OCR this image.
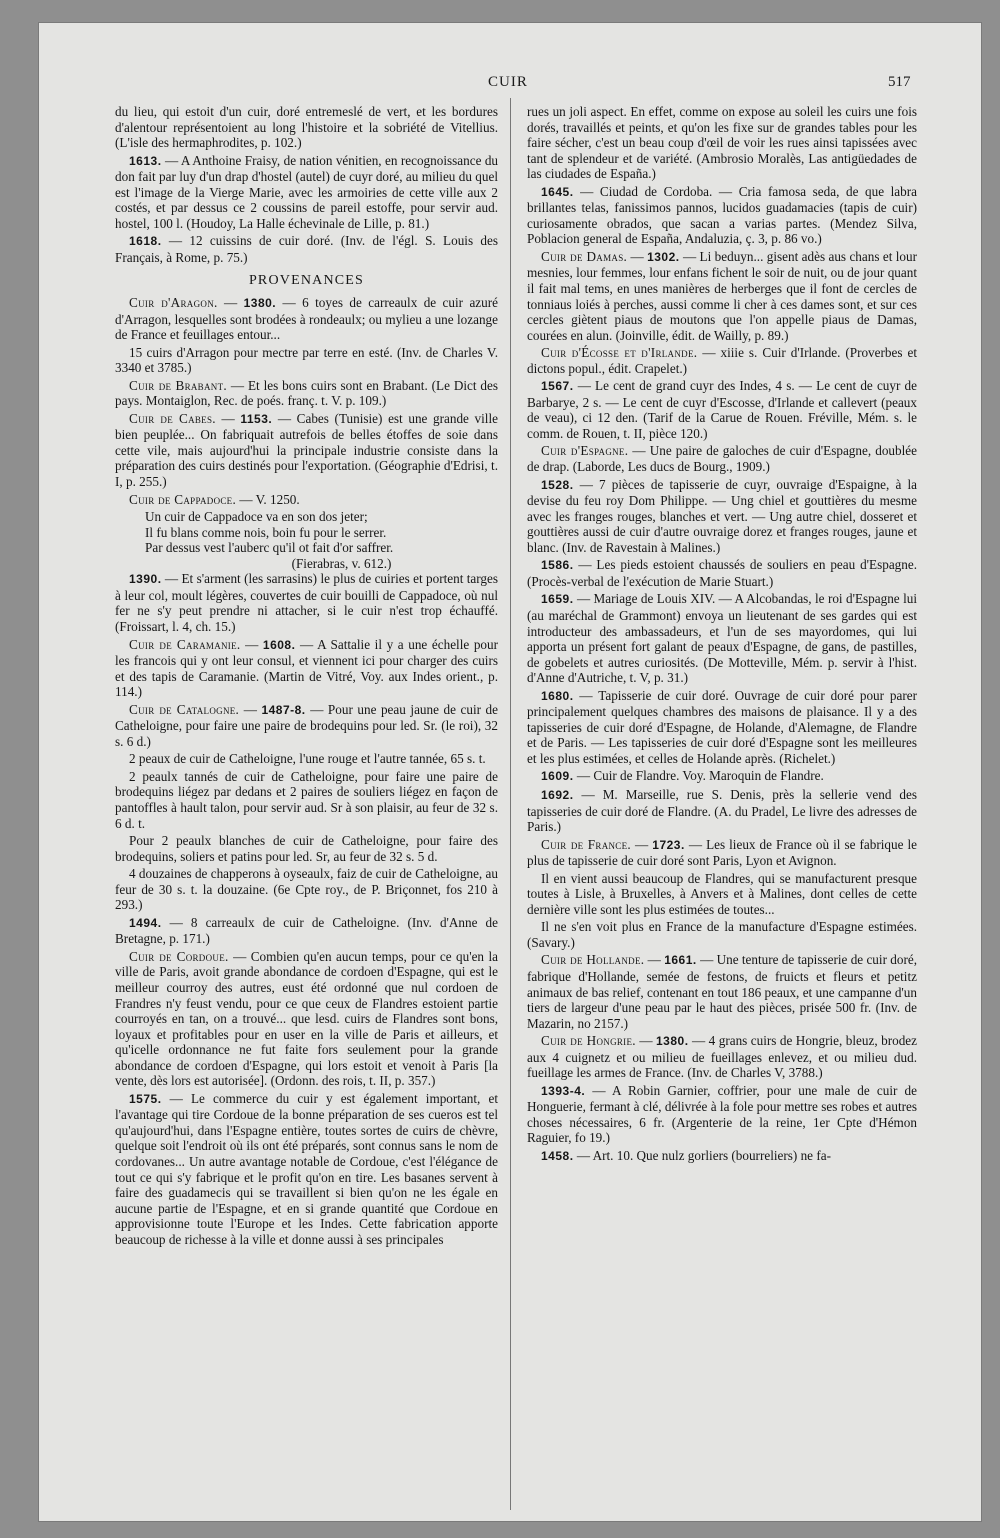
CUIR	517

du lieu, qui estoit d'un cuir, doré entremeslé de vert, et les bordures d'alentour représentoient au long l'histoire et la sobriété de Vitellius. (L'isle des hermaphrodites, p. 102.)

1613. — A Anthoine Fraisy, de nation vénitien, en recognoissance du don fait par luy d'un drap d'hostel (autel) de cuyr doré, au milieu du quel est l'image de la Vierge Marie, avec les armoiries de cette ville aux 2 costés, et par dessus ce 2 coussins de pareil estoffe, pour servir aud. hostel, 100 l. (Houdoy, La Halle échevinale de Lille, p. 81.)

1618. — 12 cuissins de cuir doré. (Inv. de l'égl. S. Louis des Français, à Rome, p. 75.)

PROVENANCES

Cuir d'Aragon. — 1380. — 6 toyes de carreaulx de cuir azuré d'Arragon, lesquelles sont brodées à rondeaulx; ou mylieu a une lozange de France et feuillages entour...

15 cuirs d'Arragon pour mectre par terre en esté. (Inv. de Charles V. 3340 et 3785.)

Cuir de Brabant. — Et les bons cuirs sont en Brabant. (Le Dict des pays. Montaiglon, Rec. de poés. franç. t. V. p. 109.)

Cuir de Cabes. — 1153. — Cabes (Tunisie) est une grande ville bien peuplée... On fabriquait autrefois de belles étoffes de soie dans cette vile, mais aujourd'hui la principale industrie consiste dans la préparation des cuirs destinés pour l'exportation. (Géographie d'Edrisi, t. I, p. 255.)

Cuir de Cappadoce. — V. 1250.

Un cuir de Cappadoce va en son dos jeter;

Il fu blans comme nois, boin fu pour le serrer.

Par dessus vest l'auberc qu'il ot fait d'or saffrer.

(Fierabras, v. 612.)

1390. — Et s'arment (les sarrasins) le plus de cuiries et portent targes à leur col, moult légères, couvertes de cuir bouilli de Cappadoce, où nul fer ne s'y peut prendre ni attacher, si le cuir n'est trop échauffé. (Froissart, l. 4, ch. 15.)

Cuir de Caramanie. — 1608. — A Sattalie il y a une échelle pour les francois qui y ont leur consul, et viennent ici pour charger des cuirs et des tapis de Caramanie. (Martin de Vitré, Voy. aux Indes orient., p. 114.)

Cuir de Catalogne. — 1487-8. — Pour une peau jaune de cuir de Catheloigne, pour faire une paire de brodequins pour led. Sr. (le roi), 32 s. 6 d.)

2 peaux de cuir de Catheloigne, l'une rouge et l'autre tannée, 65 s. t.

2 peaulx tannés de cuir de Catheloigne, pour faire une paire de brodequins liégez par dedans et 2 paires de souliers liégez en façon de pantoffles à hault talon, pour servir aud. Sr à son plaisir, au feur de 32 s. 6 d. t.

Pour 2 peaulx blanches de cuir de Catheloigne, pour faire des brodequins, soliers et patins pour led. Sr, au feur de 32 s. 5 d.

4 douzaines de chapperons à oyseaulx, faiz de cuir de Catheloigne, au feur de 30 s. t. la douzaine. (6e Cpte roy., de P. Briçonnet, fos 210 à 293.)

1494. — 8 carreaulx de cuir de Catheloigne. (Inv. d'Anne de Bretagne, p. 171.)

Cuir de Cordoue. — Combien qu'en aucun temps, pour ce qu'en la ville de Paris, avoit grande abondance de cordoen d'Espagne, qui est le meilleur courroy des autres, eust été ordonné que nul cordoen de Frandres n'y feust vendu, pour ce que ceux de Flandres estoient partie courroyés en tan, on a trouvé... que lesd. cuirs de Flandres sont bons, loyaux et profitables pour en user en la ville de Paris et ailleurs, et qu'icelle ordonnance ne fut faite fors seulement pour la grande abondance de cordoen d'Espagne, qui lors estoit et venoit à Paris [la vente, dès lors est autorisée]. (Ordonn. des rois, t. II, p. 357.)

1575. — Le commerce du cuir y est également important, et l'avantage qui tire Cordoue de la bonne préparation de ses cueros est tel qu'aujourd'hui, dans l'Espagne entière, toutes sortes de cuirs de chèvre, quelque soit l'endroit où ils ont été préparés, sont connus sans le nom de cordovanes... Un autre avantage notable de Cordoue, c'est l'élégance de tout ce qui s'y fabrique et le profit qu'on en tire. Les basanes servent à faire des guadamecis qui se travaillent si bien qu'on ne les égale en aucune partie de l'Espagne, et en si grande quantité que Cordoue en approvisionne toute l'Europe et les Indes. Cette fabrication apporte beaucoup de richesse à la ville et donne aussi à ses principales

rues un joli aspect. En effet, comme on expose au soleil les cuirs une fois dorés, travaillés et peints, et qu'on les fixe sur de grandes tables pour les faire sécher, c'est un beau coup d'œil de voir les rues ainsi tapissées avec tant de splendeur et de variété. (Ambrosio Moralès, Las antigüedades de las ciudades de España.)

1645. — Ciudad de Cordoba. — Cria famosa seda, de que labra brillantes telas, fanissimos pannos, lucidos guadamacies (tapis de cuir) curiosamente obrados, que sacan a varias partes. (Mendez Silva, Poblacion general de España, Andaluzia, ç. 3, p. 86 vo.)

Cuir de Damas. — 1302. — Li beduyn... gisent adès aus chans et lour mesnies, lour femmes, lour enfans fichent le soir de nuit, ou de jour quant il fait mal tems, en unes manières de herberges que il font de cercles de tonniaus loiés à perches, aussi comme li cher à ces dames sont, et sur ces cercles giètent piaus de moutons que l'on appelle piaus de Damas, courées en alun. (Joinville, édit. de Wailly, p. 89.)

Cuir d'Écosse et d'Irlande. — xiiie s. Cuir d'Irlande. (Proverbes et dictons popul., édit. Crapelet.)

1567. — Le cent de grand cuyr des Indes, 4 s. — Le cent de cuyr de Barbarye, 2 s. — Le cent de cuyr d'Escosse, d'Irlande et callevert (peaux de veau), ci 12 den. (Tarif de la Carue de Rouen. Fréville, Mém. s. le comm. de Rouen, t. II, pièce 120.)

Cuir d'Espagne. — Une paire de galoches de cuir d'Espagne, doublée de drap. (Laborde, Les ducs de Bourg., 1909.)

1528. — 7 pièces de tapisserie de cuyr, ouvraige d'Espaigne, à la devise du feu roy Dom Philippe. — Ung chiel et gouttières du mesme avec les franges rouges, blanches et vert. — Ung autre chiel, dosseret et gouttières aussi de cuir d'autre ouvraige dorez et franges rouges, jaune et blanc. (Inv. de Ravestain à Malines.)

1586. — Les pieds estoient chaussés de souliers en peau d'Espagne. (Procès-verbal de l'exécution de Marie Stuart.)

1659. — Mariage de Louis XIV. — A Alcobandas, le roi d'Espagne lui (au maréchal de Grammont) envoya un lieutenant de ses gardes qui est introducteur des ambassadeurs, et l'un de ses mayordomes, qui lui apporta un présent fort galant de peaux d'Espagne, de gans, de pastilles, de gobelets et autres curiosités. (De Motteville, Mém. p. servir à l'hist. d'Anne d'Autriche, t. V, p. 31.)

1680. — Tapisserie de cuir doré. Ouvrage de cuir doré pour parer principalement quelques chambres des maisons de plaisance. Il y a des tapisseries de cuir doré d'Espagne, de Holande, d'Alemagne, de Flandre et de Paris. — Les tapisseries de cuir doré d'Espagne sont les meilleures et les plus estimées, et celles de Holande après. (Richelet.)

1609. — Cuir de Flandre. Voy. Maroquin de Flandre.

1692. — M. Marseille, rue S. Denis, près la sellerie vend des tapisseries de cuir doré de Flandre. (A. du Pradel, Le livre des adresses de Paris.)

Cuir de France. — 1723. — Les lieux de France où il se fabrique le plus de tapisserie de cuir doré sont Paris, Lyon et Avignon.

Il en vient aussi beaucoup de Flandres, qui se manufacturent presque toutes à Lisle, à Bruxelles, à Anvers et à Malines, dont celles de cette dernière ville sont les plus estimées de toutes...

Il ne s'en voit plus en France de la manufacture d'Espagne estimées. (Savary.)

Cuir de Hollande. — 1661. — Une tenture de tapisserie de cuir doré, fabrique d'Hollande, semée de festons, de fruicts et fleurs et petitz animaux de bas relief, contenant en tout 186 peaux, et une campanne d'un tiers de largeur d'une peau par le haut des pièces, prisée 500 fr. (Inv. de Mazarin, no 2157.)

Cuir de Hongrie. — 1380. — 4 grans cuirs de Hongrie, bleuz, brodez aux 4 cuignetz et ou milieu de fueillages enlevez, et ou milieu dud. fueillage les armes de France. (Inv. de Charles V, 3788.)

1393-4. — A Robin Garnier, coffrier, pour une male de cuir de Honguerie, fermant à clé, délivrée à la fole pour mettre ses robes et autres choses nécessaires, 6 fr. (Argenterie de la reine, 1er Cpte d'Hémon Raguier, fo 19.)

1458. — Art. 10. Que nulz gorliers (bourreliers) ne fa-
